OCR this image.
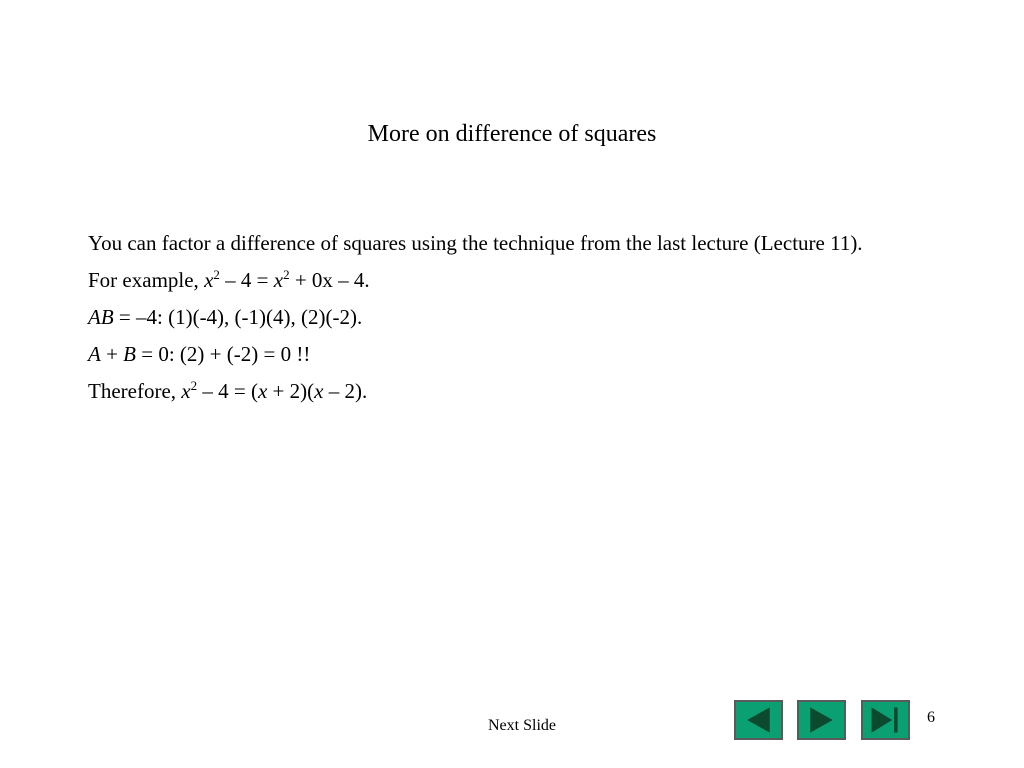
More on difference of squares

You can factor a difference of squares using the technique from the last lecture (Lecture 11).

For example, $x^2 - 4 = x^2 + 0x - 4$.

AB = –4: (1)(-4), (-1)(4), (2)(-2).

A + B = 0: (2) + (-2) = 0 !!

Therefore, $x^2 - 4 = (x + 2)(x - 2)$.

Next Slide	6
